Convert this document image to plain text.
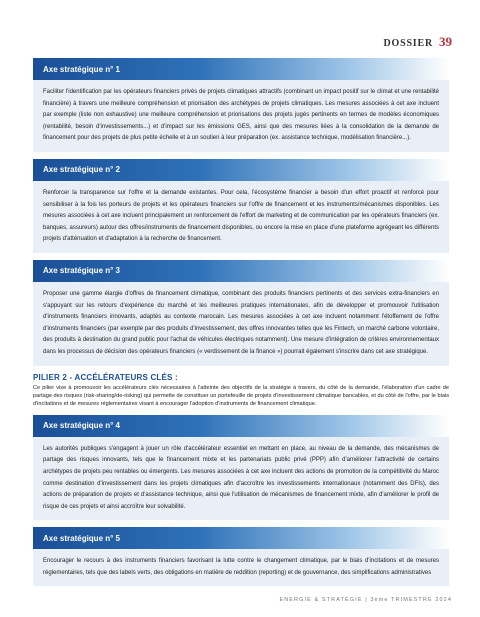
DOSSIER 39
Axe stratégique n° 1
Faciliter l'identification par les opérateurs financiers privés de projets climatiques attractifs (combinant un impact positif sur le climat et une rentabilité financière) à travers une meilleure compréhension et priorisation des archétypes de projets climatiques. Les mesures associées à cet axe incluent par exemple (liste non exhaustive) une meilleure compréhension et priorisations des projets jugés pertinents en termes de modèles économiques (rentabilité, besoin d'investissements...) et d'impact sur les émissions GES, ainsi que des mesures liées à la consolidation de la demande de financement pour des projets de plus petite échelle et à un soutien à leur préparation (ex. assistance technique, modélisation financière...).
Axe stratégique n° 2
Renforcer la transparence sur l'offre et la demande existantes. Pour cela, l'écosystème financier a besoin d'un effort proactif et renforcé pour sensibiliser à la fois les porteurs de projets et les opérateurs financiers sur l'offre de financement et les instruments/mécanismes disponibles. Les mesures associées à cet axe incluent principalement un renforcement de l'effort de marketing et de communication par les opérateurs financiers (ex. banques, assureurs) autour des offres/instruments de financement disponibles, ou encore la mise en place d'une plateforme agrégeant les différents projets d'atténuation et d'adaptation à la recherche de financement.
Axe stratégique n° 3
Proposer une gamme élargie d'offres de financement climatique, combinant des produits financiers pertinents et des services extra-financiers en s'appuyant sur les retours d'expérience du marché et les meilleures pratiques internationales, afin de développer et promouvoir l'utilisation d'instruments financiers innovants, adaptés au contexte marocain. Les mesures associées à cet axe incluent notamment l'étoffement de l'offre d'instruments financiers (par exemple par des produits d'investissement, des offres innovantes telles que les Fintech, un marché carbone volontaire, des produits à destination du grand public pour l'achat de véhicules électriques notamment). Une mesure d'intégration de critères environnementaux dans les processus de décision des opérateurs financiers (« verdissement de la finance ») pourrait également s'inscrire dans cet axe stratégique.
PILIER 2 - ACCÉLÉRATEURS CLÉS :
Ce pilier vise à promouvoir les accélérateurs clés nécessaires à l'atteinte des objectifs de la stratégie à travers, du côté de la demande, l'élaboration d'un cadre de partage des risques (risk-sharing/de-risking) qui permette de constituer un portefeuille de projets d'investissement climatique bancables, et du côté de l'offre, par le biais d'incitations et de mesures réglementaires visant à encourager l'adoption d'instruments de financement climatique.
Axe stratégique n° 4
Les autorités publiques s'engagent à jouer un rôle d'accélérateur essentiel en mettant en place, au niveau de la demande, des mécanismes de partage des risques innovants, tels que le financement mixte et les partenariats public privé (PPP) afin d'améliorer l'attractivité de certains archétypes de projets peu rentables ou émergents. Les mesures associées à cet axe incluent des actions de promotion de la compétitivité du Maroc comme destination d'investissement dans les projets climatiques afin d'accroître les investissements internationaux (notamment des DFIs), des actions de préparation de projets et d'assistance technique, ainsi que l'utilisation de mécanismes de financement mixte, afin d'améliorer le profil de risque de ces projets et ainsi accroître leur solvabilité.
Axe stratégique n° 5
Encourager le recours à des instruments financiers favorisant la lutte contre le changement climatique, par le biais d'incitations et de mesures réglementaires, tels que des labels verts, des obligations en matière de reddition (reporting) et de gouvernance, des simplifications administratives
ENERGIE & STRATÉGIE | 3ème TRIMESTRE 2024
